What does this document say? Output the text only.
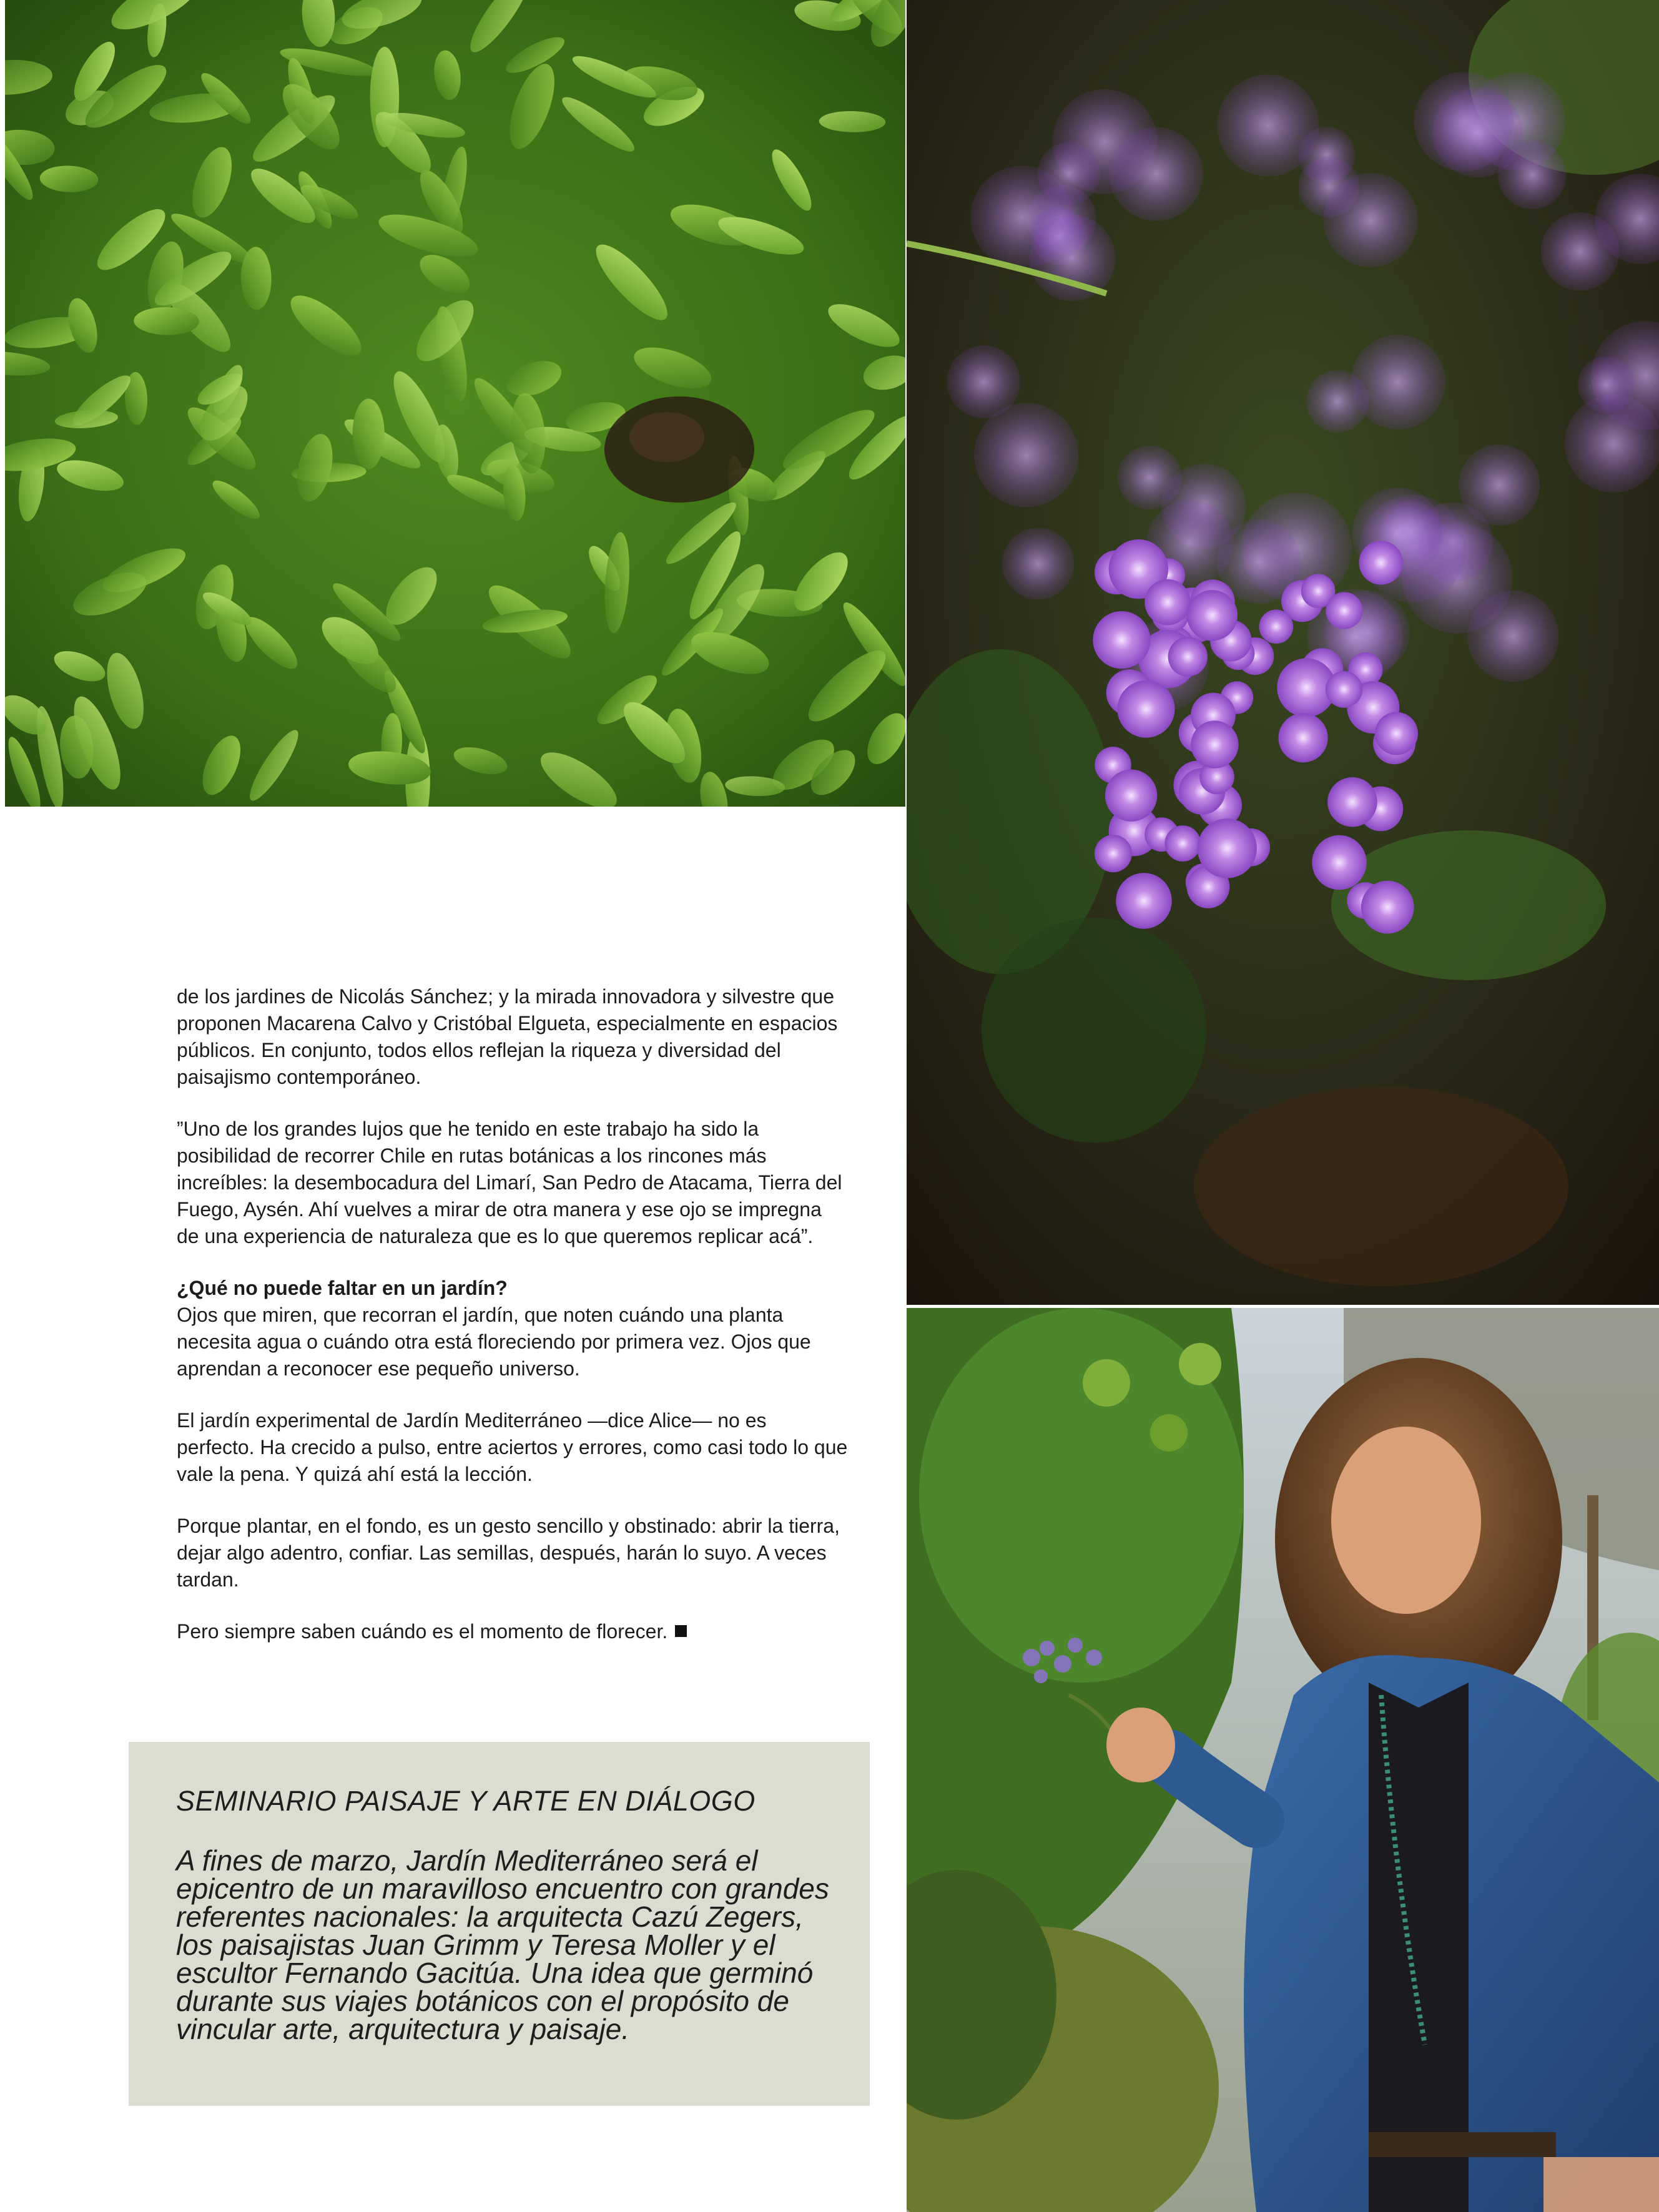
de los jardines de Nicolás Sánchez; y la mirada innovadora y silvestre que proponen Macarena Calvo y Cristóbal Elgueta, especialmente en espacios públicos. En conjunto, todos ellos reflejan la riqueza y diversidad del paisajismo contemporáneo.

”Uno de los grandes lujos que he tenido en este trabajo ha sido la posibilidad de recorrer Chile en rutas botánicas a los rincones más increíbles: la desembocadura del Limarí, San Pedro de Atacama, Tierra del Fuego, Aysén. Ahí vuelves a mirar de otra manera y ese ojo se impregna de una experiencia de naturaleza que es lo que queremos replicar acá”.

¿Qué no puede faltar en un jardín?
Ojos que miren, que recorran el jardín, que noten cuándo una planta necesita agua o cuándo otra está floreciendo por primera vez. Ojos que aprendan a reconocer ese pequeño universo.

El jardín experimental de Jardín Mediterráneo —dice Alice— no es perfecto. Ha crecido a pulso, entre aciertos y errores, como casi todo lo que vale la pena. Y quizá ahí está la lección.

Porque plantar, en el fondo, es un gesto sencillo y obstinado: abrir la tierra, dejar algo adentro, confiar. Las semillas, después, harán lo suyo. A veces tardan.

Pero siempre saben cuándo es el momento de florecer.

SEMINARIO PAISAJE Y ARTE EN DIÁLOGO
A fines de marzo, Jardín Mediterráneo será el epicentro de un maravilloso encuentro con grandes referentes nacionales: la arquitecta Cazú Zegers, los paisajistas Juan Grimm y Teresa Moller y el escultor Fernando Gacitúa. Una idea que germinó durante sus viajes botánicos con el propósito de vincular arte, arquitectura y paisaje.
